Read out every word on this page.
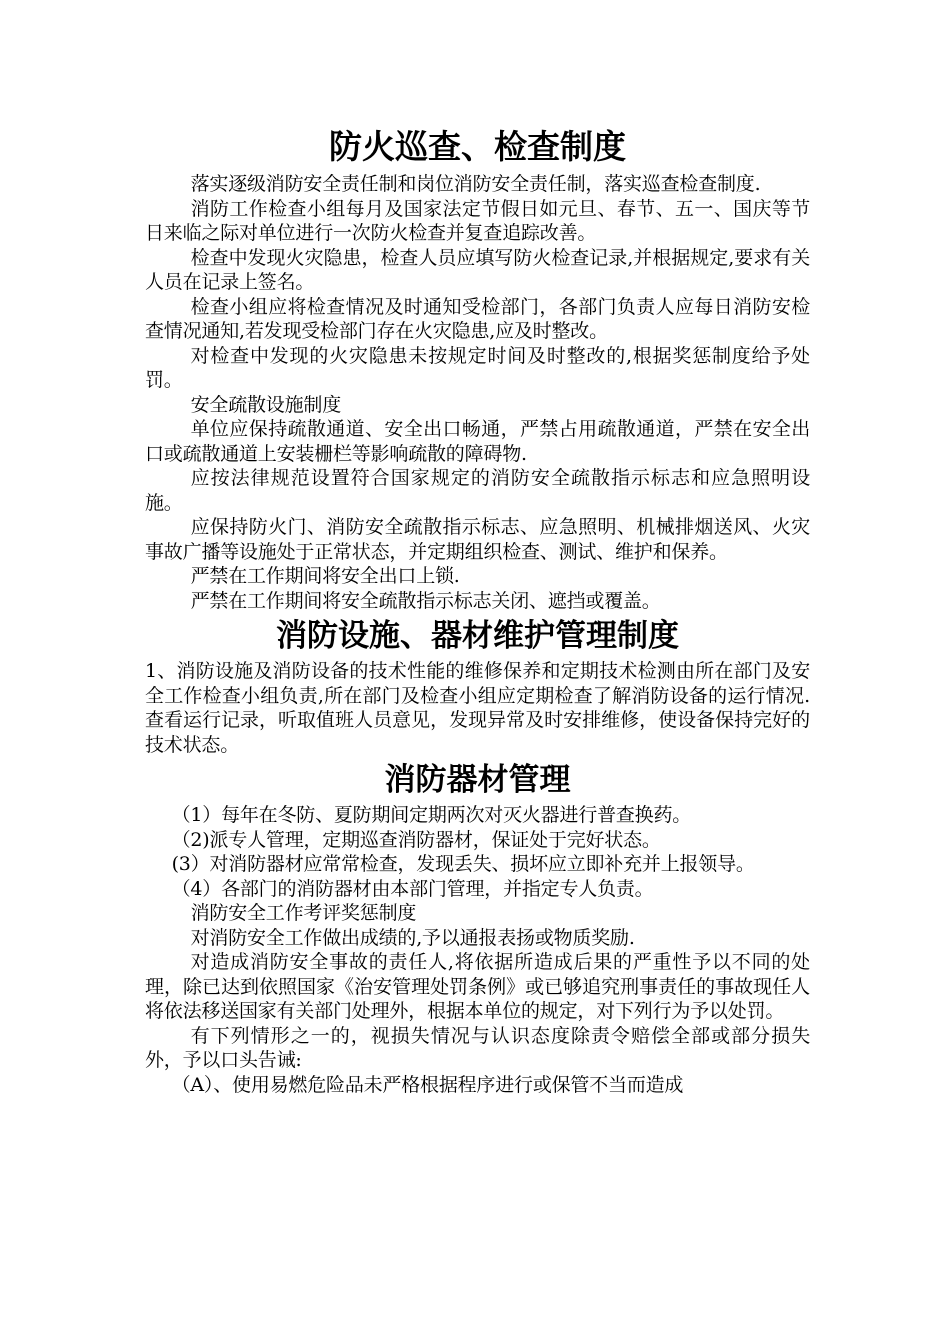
防火巡查、检查制度

落实逐级消防安全责任制和岗位消防安全责任制，落实巡查检查制度.

消防工作检查小组每月及国家法定节假日如元旦、春节、五一、国庆等节日来临之际对单位进行一次防火检查并复查追踪改善。

检查中发现火灾隐患，检查人员应填写防火检查记录,并根据规定,要求有关人员在记录上签名。

检查小组应将检查情况及时通知受检部门，各部门负责人应每日消防安检查情况通知,若发现受检部门存在火灾隐患,应及时整改。

对检查中发现的火灾隐患未按规定时间及时整改的,根据奖惩制度给予处罚。

安全疏散设施制度

单位应保持疏散通道、安全出口畅通，严禁占用疏散通道，严禁在安全出口或疏散通道上安装栅栏等影响疏散的障碍物.

应按法律规范设置符合国家规定的消防安全疏散指示标志和应急照明设施。

应保持防火门、消防安全疏散指示标志、应急照明、机械排烟送风、火灾事故广播等设施处于正常状态，并定期组织检查、测试、维护和保养。

严禁在工作期间将安全出口上锁.

严禁在工作期间将安全疏散指示标志关闭、遮挡或覆盖。

消防设施、器材维护管理制度

1、消防设施及消防设备的技术性能的维修保养和定期技术检测由所在部门及安全工作检查小组负责,所在部门及检查小组应定期检查了解消防设备的运行情况.查看运行记录，听取值班人员意见，发现异常及时安排维修，使设备保持完好的技术状态。

消防器材管理

（1）每年在冬防、夏防期间定期两次对灭火器进行普查换药。

（2)派专人管理，定期巡查消防器材，保证处于完好状态。

(3）对消防器材应常常检查，发现丢失、损坏应立即补充并上报领导。

（4）各部门的消防器材由本部门管理，并指定专人负责。

消防安全工作考评奖惩制度

对消防安全工作做出成绩的,予以通报表扬或物质奖励.

对造成消防安全事故的责任人,将依据所造成后果的严重性予以不同的处理，除已达到依照国家《治安管理处罚条例》或已够追究刑事责任的事故现任人将依法移送国家有关部门处理外，根据本单位的规定，对下列行为予以处罚。

有下列情形之一的，视损失情况与认识态度除责令赔偿全部或部分损失外，予以口头告诫:

（A）、使用易燃危险品未严格根据程序进行或保管不当而造成
